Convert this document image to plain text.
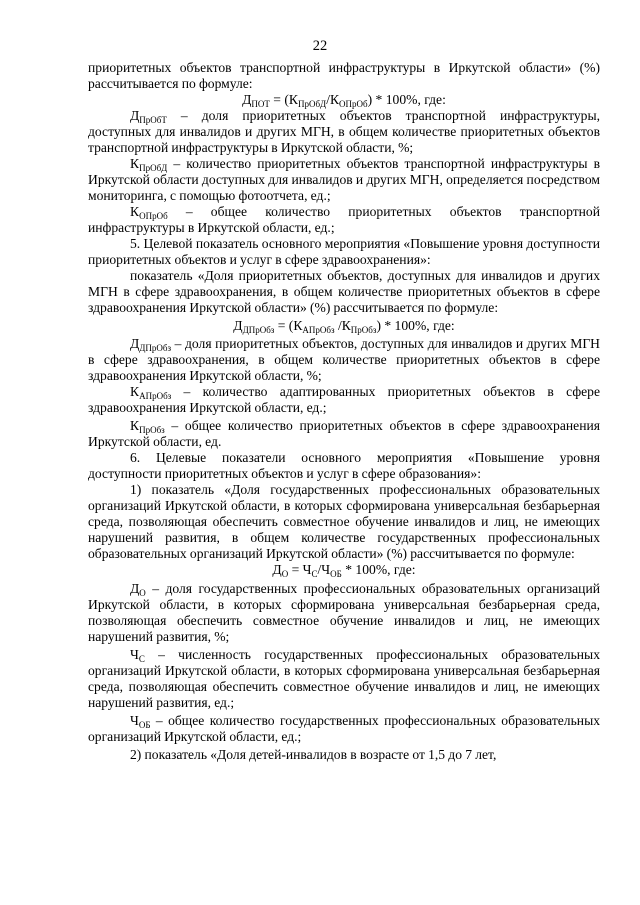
22

приоритетных объектов транспортной инфраструктуры в Иркутской области» (%) рассчитывается по формуле:

$Д_{ПОТ} = (К_{ПрОбД}/К_{ОПрОб}) * 100\%$, где:

$Д_{ПрОбТ}$ – доля приоритетных объектов транспортной инфраструктуры, доступных для инвалидов и других МГН, в общем количестве приоритетных объектов транспортной инфраструктуры в Иркутской области, %;

$К_{ПрОбД}$ – количество приоритетных объектов транспортной инфраструктуры в Иркутской области доступных для инвалидов и других МГН, определяется посредством мониторинга, с помощью фотоотчета, ед.;

$К_{ОПрОб}$ – общее количество приоритетных объектов транспортной инфраструктуры в Иркутской области, ед.;

5. Целевой показатель основного мероприятия «Повышение уровня доступности приоритетных объектов и услуг в сфере здравоохранения»:

показатель «Доля приоритетных объектов, доступных для инвалидов и других МГН в сфере здравоохранения, в общем количестве приоритетных объектов в сфере здравоохранения Иркутской области» (%) рассчитывается по формуле:

$Д_{ДПрОбз} = (К_{АПрОбз}$ $/К_{ПрОбз}) * 100\%$, где:

$Д_{ДПрОбз}$ – доля приоритетных объектов, доступных для инвалидов и других МГН в сфере здравоохранения, в общем количестве приоритетных объектов в сфере здравоохранения Иркутской области, %;

$К_{АПрОбз}$ – количество адаптированных приоритетных объектов в сфере здравоохранения Иркутской области, ед.;

$К_{ПрОбз}$ – общее количество приоритетных объектов в сфере здравоохранения Иркутской области, ед.

6. Целевые показатели основного мероприятия «Повышение уровня доступности приоритетных объектов и услуг в сфере образования»:

1) показатель «Доля государственных профессиональных образовательных организаций Иркутской области, в которых сформирована универсальная безбарьерная среда, позволяющая обеспечить совместное обучение инвалидов и лиц, не имеющих нарушений развития, в общем количестве государственных профессиональных образовательных организаций Иркутской области» (%) рассчитывается по формуле:

$Д_О = Ч_С/Ч_{ОБ} * 100\%$, где:

$Д_О$ – доля государственных профессиональных образовательных организаций Иркутской области, в которых сформирована универсальная безбарьерная среда, позволяющая обеспечить совместное обучение инвалидов и лиц, не имеющих нарушений развития, %;

$Ч_С$ – численность государственных профессиональных образовательных организаций Иркутской области, в которых сформирована универсальная безбарьерная среда, позволяющая обеспечить совместное обучение инвалидов и лиц, не имеющих нарушений развития, ед.;

$Ч_{ОБ}$ – общее количество государственных профессиональных образовательных организаций Иркутской области, ед.;

2) показатель «Доля детей-инвалидов в возрасте от 1,5 до 7 лет,
